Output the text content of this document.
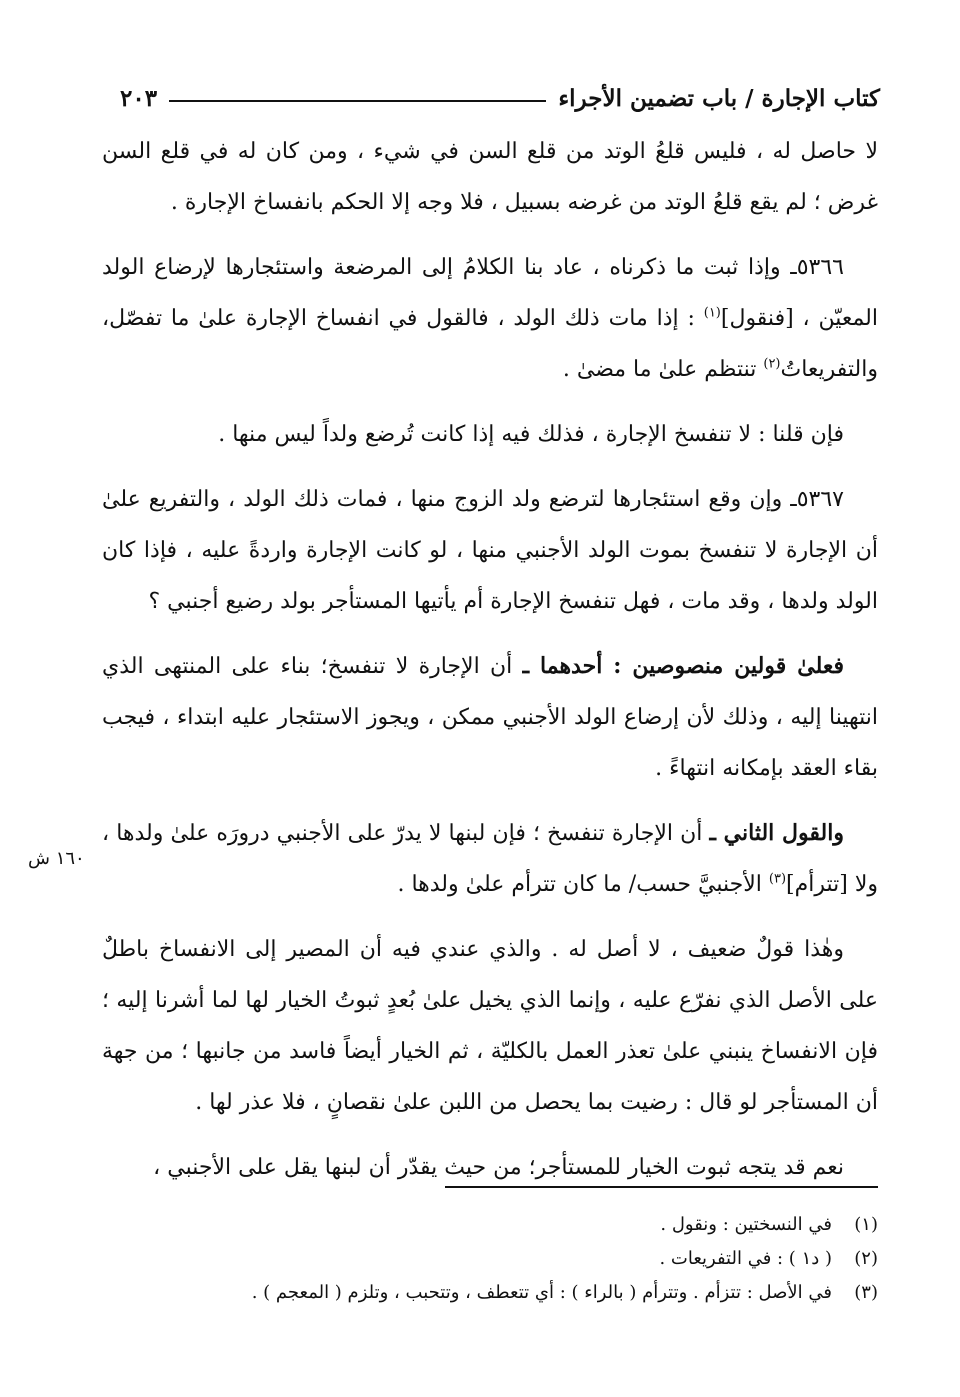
كتاب الإجارة / باب تضمين الأجراء
٢٠٣

لا حاصل له ، فليس قلعُ الوتد من قلع السن في شيء ، ومن كان له في قلع السن غرض ؛ لم يقع قلعُ الوتد من غرضه بسبيل ، فلا وجه إلا الحكم بانفساخ الإجارة .

٥٣٦٦ـ وإذا ثبت ما ذكرناه ، عاد بنا الكلامُ إلى المرضعة واستئجارها لإرضاع الولد المعيّن ، [فنقول]$^{(١)}$ : إذا مات ذلك الولد ، فالقول في انفساخ الإجارة علىٰ ما تفصّل، والتفريعاتُ$^{(٢)}$ تنتظم علىٰ ما مضىٰ .

فإن قلنا : لا تنفسخ الإجارة ، فذلك فيه إذا كانت تُرضع ولداً ليس منها .

٥٣٦٧ـ وإن وقع استئجارها لترضع ولد الزوج منها ، فمات ذلك الولد ، والتفريع علىٰ أن الإجارة لا تنفسخ بموت الولد الأجنبي منها ، لو كانت الإجارة واردةً عليه ، فإذا كان الولد ولدها ، وقد مات ، فهل تنفسخ الإجارة أم يأتيها المستأجر بولد رضيع أجنبي ؟

فعلىٰ قولين منصوصين : أحدهما ـ أن الإجارة لا تنفسخ؛ بناء على المنتهى الذي انتهينا إليه ، وذلك لأن إرضاع الولد الأجنبي ممكن ، ويجوز الاستئجار عليه ابتداء ، فيجب بقاء العقد بإمكانه انتهاءً .

والقول الثاني ـ أن الإجارة تنفسخ ؛ فإن لبنها لا يدرّ على الأجنبي درورَه علىٰ ولدها ، ولا [تترأم]$^{(٣)}$ الأجنبيَّ حسب/ ما كان تترأم علىٰ ولدها .

وهٰذا قولٌ ضعيف ، لا أصل له . والذي عندي فيه أن المصير إلى الانفساخ باطلٌ على الأصل الذي نفرّع عليه ، وإنما الذي يخيل علىٰ بُعدٍ ثبوتُ الخيار لها لما أشرنا إليه ؛ فإن الانفساخ ينبني علىٰ تعذر العمل بالكليّة ، ثم الخيار أيضاً فاسد من جانبها ؛ من جهة أن المستأجر لو قال : رضيت بما يحصل من اللبن علىٰ نقصانٍ ، فلا عذر لها .

نعم قد يتجه ثبوت الخيار للمستأجر؛ من حيث يقدّر أن لبنها يقل على الأجنبي ،

١٦٠ ش
(١)
في النسختين : ونقول .
(٢)
( د١ ) : في التفريعات .
(٣)
في الأصل : تتزأم . وتترأم ( بالراء ) : أي تتعطف ، وتتحبب ، وتلزم ( المعجم ) .
